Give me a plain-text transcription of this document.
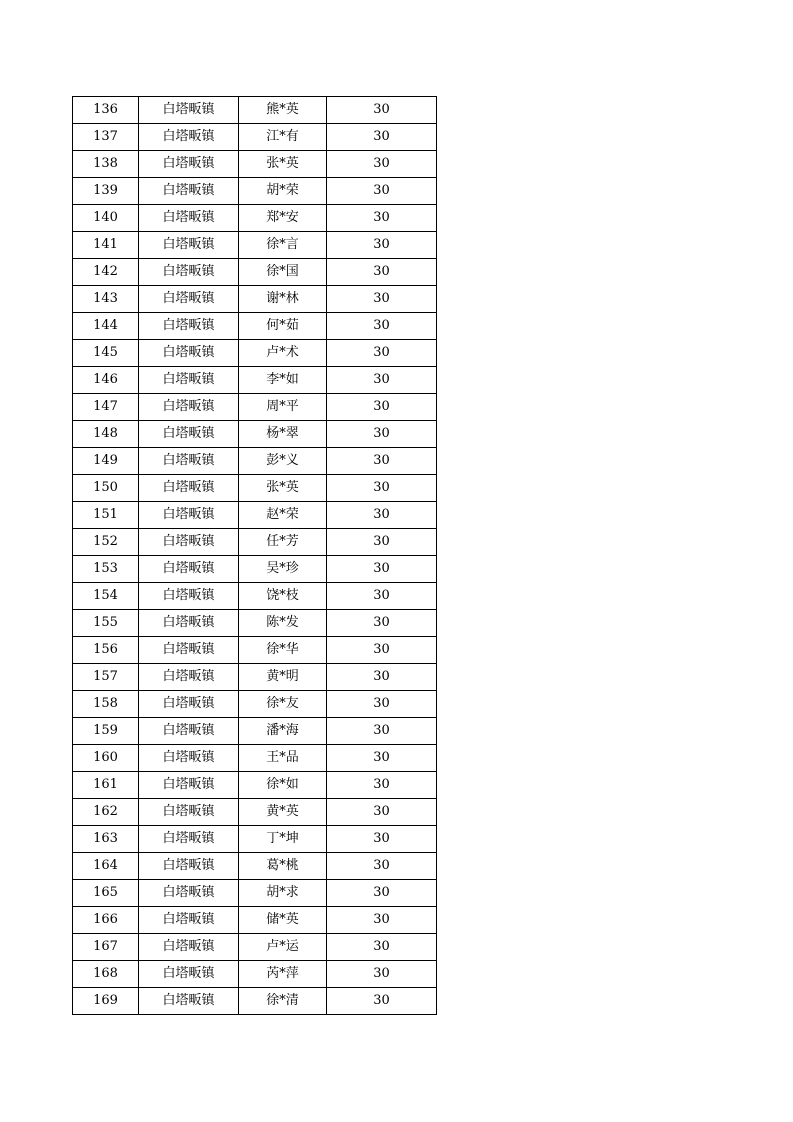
136	白塔畈镇	熊*英	30
137	白塔畈镇	江*有	30
138	白塔畈镇	张*英	30
139	白塔畈镇	胡*荣	30
140	白塔畈镇	郑*安	30
141	白塔畈镇	徐*言	30
142	白塔畈镇	徐*国	30
143	白塔畈镇	谢*林	30
144	白塔畈镇	何*茹	30
145	白塔畈镇	卢*术	30
146	白塔畈镇	李*如	30
147	白塔畈镇	周*平	30
148	白塔畈镇	杨*翠	30
149	白塔畈镇	彭*义	30
150	白塔畈镇	张*英	30
151	白塔畈镇	赵*荣	30
152	白塔畈镇	任*芳	30
153	白塔畈镇	吴*珍	30
154	白塔畈镇	饶*枝	30
155	白塔畈镇	陈*发	30
156	白塔畈镇	徐*华	30
157	白塔畈镇	黄*明	30
158	白塔畈镇	徐*友	30
159	白塔畈镇	潘*海	30
160	白塔畈镇	王*品	30
161	白塔畈镇	徐*如	30
162	白塔畈镇	黄*英	30
163	白塔畈镇	丁*坤	30
164	白塔畈镇	葛*桃	30
165	白塔畈镇	胡*求	30
166	白塔畈镇	储*英	30
167	白塔畈镇	卢*运	30
168	白塔畈镇	芮*萍	30
169	白塔畈镇	徐*清	30
